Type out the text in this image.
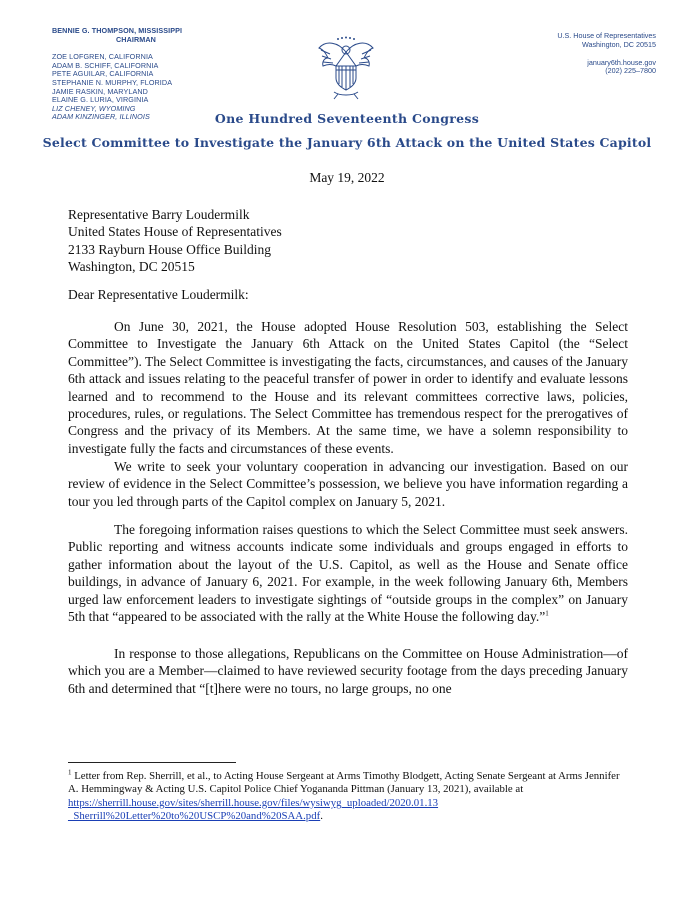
BENNIE G. THOMPSON, MISSISSIPPI
CHAIRMAN
ZOE LOFGREN, CALIFORNIA
ADAM B. SCHIFF, CALIFORNIA
PETE AGUILAR, CALIFORNIA
STEPHANIE N. MURPHY, FLORIDA
JAMIE RASKIN, MARYLAND
ELAINE G. LURIA, VIRGINIA
LIZ CHENEY, WYOMING
ADAM KINZINGER, ILLINOIS
U.S. House of Representatives
Washington, DC 20515
january6th.house.gov
(202) 225–7800
One Hundred Seventeenth Congress
Select Committee to Investigate the January 6th Attack on the United States Capitol
May 19, 2022
Representative Barry Loudermilk
United States House of Representatives
2133 Rayburn House Office Building
Washington, DC 20515
Dear Representative Loudermilk:

On June 30, 2021, the House adopted House Resolution 503, establishing the Select Committee to Investigate the January 6th Attack on the United States Capitol (the “Select Committee”). The Select Committee is investigating the facts, circumstances, and causes of the January 6th attack and issues relating to the peaceful transfer of power in order to identify and evaluate lessons learned and to recommend to the House and its relevant committees corrective laws, policies, procedures, rules, or regulations. The Select Committee has tremendous respect for the prerogatives of Congress and the privacy of its Members. At the same time, we have a solemn responsibility to investigate fully the facts and circumstances of these events.

We write to seek your voluntary cooperation in advancing our investigation. Based on our review of evidence in the Select Committee’s possession, we believe you have information regarding a tour you led through parts of the Capitol complex on January 5, 2021.

The foregoing information raises questions to which the Select Committee must seek answers. Public reporting and witness accounts indicate some individuals and groups engaged in efforts to gather information about the layout of the U.S. Capitol, as well as the House and Senate office buildings, in advance of January 6, 2021. For example, in the week following January 6th, Members urged law enforcement leaders to investigate sightings of “outside groups in the complex” on January 5th that “appeared to be associated with the rally at the White House the following day.”$^1$

In response to those allegations, Republicans on the Committee on House Administration—of which you are a Member—claimed to have reviewed security footage from the days preceding January 6th and determined that “[t]here were no tours, no large groups, no one

$^1$ Letter from Rep. Sherrill, et al., to Acting House Sergeant at Arms Timothy Blodgett, Acting Senate Sergeant at Arms Jennifer A. Hemmingway & Acting U.S. Capitol Police Chief Yogananda Pittman (January 13, 2021), available at https://sherrill.house.gov/sites/sherrill.house.gov/files/wysiwyg_uploaded/2020.01.13
_Sherrill%20Letter%20to%20USCP%20and%20SAA.pdf.
